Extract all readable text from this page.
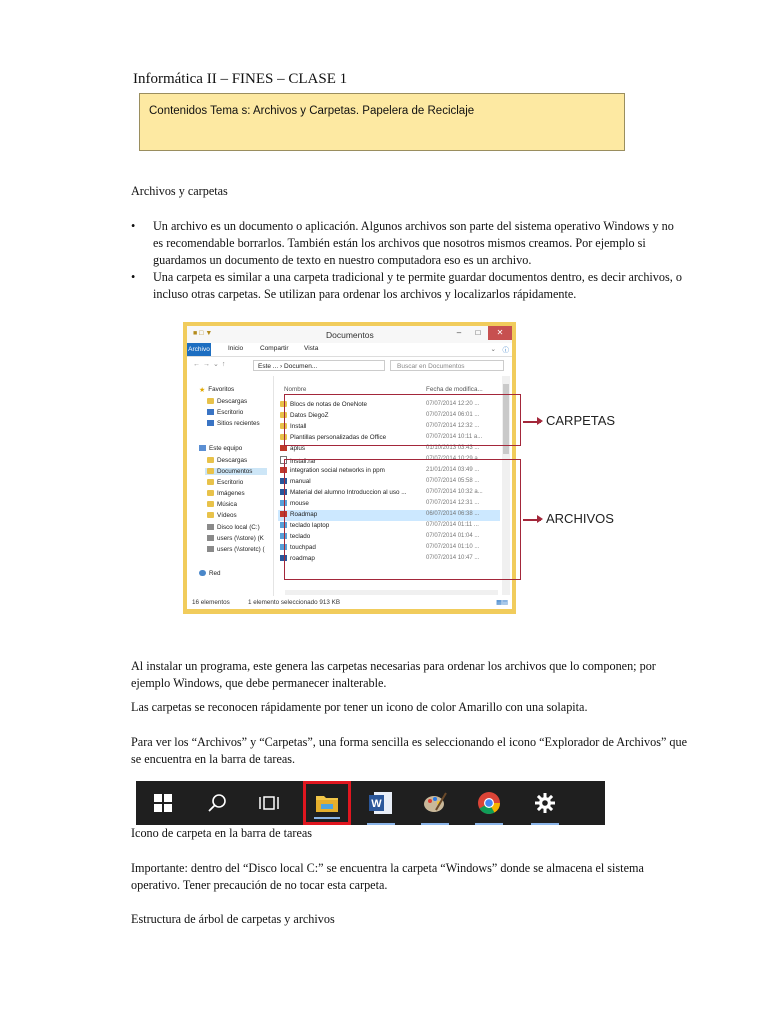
Informática II – FINES – CLASE 1
Contenidos Tema s: Archivos y Carpetas. Papelera de Reciclaje
Archivos y carpetas
• Un archivo es un documento o aplicación. Algunos archivos son parte del sistema operativo Windows y no es recomendable borrarlos. También están los archivos que nosotros mismos creamos. Por ejemplo si guardamos un documento de texto en nuestro computadora eso es un archivo.
• Una carpeta es similar a una carpeta tradicional y te permite guardar documentos dentro, es decir archivos, o incluso otras carpetas. Se utilizan para ordenar los archivos y localizarlos rápidamente.
■ □ ▼	Documentos	–	□	✕
Archivo	Inicio	Compartir Vista	⌄ ⓘ
←→⌄↑	Este ... › Documen...	Buscar en Documentos
★ Favoritos
Descargas
Escritorio
Sitios recientes
Este equipo
Descargas
Documentos
Escritorio
Imágenes
Música
Vídeos
Disco local (C:)
users (\\store) (K
users (\\storetc) (
Red
Nombre	Fecha de modifica...
Blocs de notas de OneNote	07/07/2014 12:20 ...
Datos DiegoZ	07/07/2014 06:01 ...
Install	07/07/2014 12:32 ...
Plantillas personalizadas de Office	07/07/2014 10:11 a...
aplus	01/10/2013 03:43 ...
Install.rar	07/07/2014 10:29 a...
integration social networks in ppm	21/01/2014 03:49 ...
manual	07/07/2014 05:58 ...
Material del alumno Introduccion al uso ...	07/07/2014 10:32 a...
mouse	07/07/2014 12:31 ...
Roadmap	06/07/2014 06:38 ...
teclado laptop	07/07/2014 01:11 ...
teclado	07/07/2014 01:04 ...
touchpad	07/07/2014 01:10 ...
roadmap	07/07/2014 10:47 ...
16 elementos	1 elemento seleccionado 913 KB	▦▤
CARPETAS
ARCHIVOS
Al instalar un programa, este genera las carpetas necesarias para ordenar los archivos que lo componen; por ejemplo Windows, que debe permanecer inalterable.
Las carpetas se reconocen rápidamente por tener un icono de color Amarillo con una solapita.
Para ver los “Archivos” y “Carpetas”, una forma sencilla es seleccionando el icono “Explorador de Archivos” que se encuentra en la barra de tareas.
W
Icono de carpeta en la barra de tareas
Importante: dentro del “Disco local C:” se encuentra la carpeta “Windows” donde se almacena el sistema operativo. Tener precaución de no tocar esta carpeta.
Estructura de árbol de carpetas y archivos
